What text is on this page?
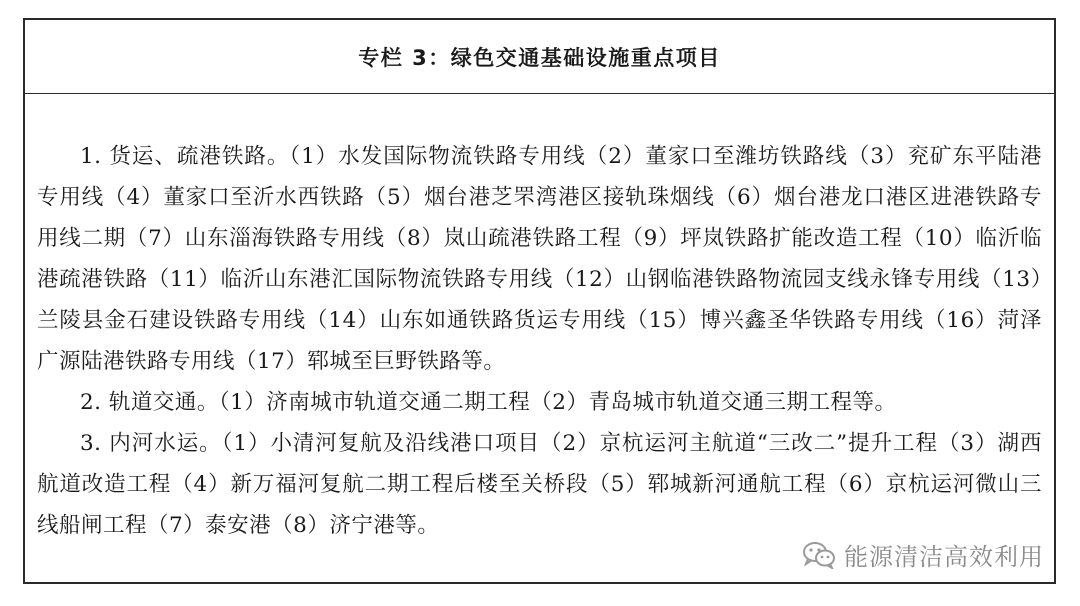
专栏 3：绿色交通基础设施重点项目

1. 货运、疏港铁路。（1）水发国际物流铁路专用线（2）董家口至潍坊铁路线（3）兖矿东平陆港专用线（4）董家口至沂水西铁路（5）烟台港芝罘湾港区接轨珠烟线（6）烟台港龙口港区进港铁路专用线二期（7）山东淄海铁路专用线（8）岚山疏港铁路工程（9）坪岚铁路扩能改造工程（10）临沂临港疏港铁路（11）临沂山东港汇国际物流铁路专用线（12）山钢临港铁路物流园支线永锋专用线（13）兰陵县金石建设铁路专用线（14）山东如通铁路货运专用线（15）博兴鑫圣华铁路专用线（16）菏泽广源陆港铁路专用线（17）郓城至巨野铁路等。

2. 轨道交通。（1）济南城市轨道交通二期工程（2）青岛城市轨道交通三期工程等。

3. 内河水运。（1）小清河复航及沿线港口项目（2）京杭运河主航道“三改二”提升工程（3）湖西航道改造工程（4）新万福河复航二期工程后楼至关桥段（5）郓城新河通航工程（6）京杭运河微山三线船闸工程（7）泰安港（8）济宁港等。

能源清洁高效利用
